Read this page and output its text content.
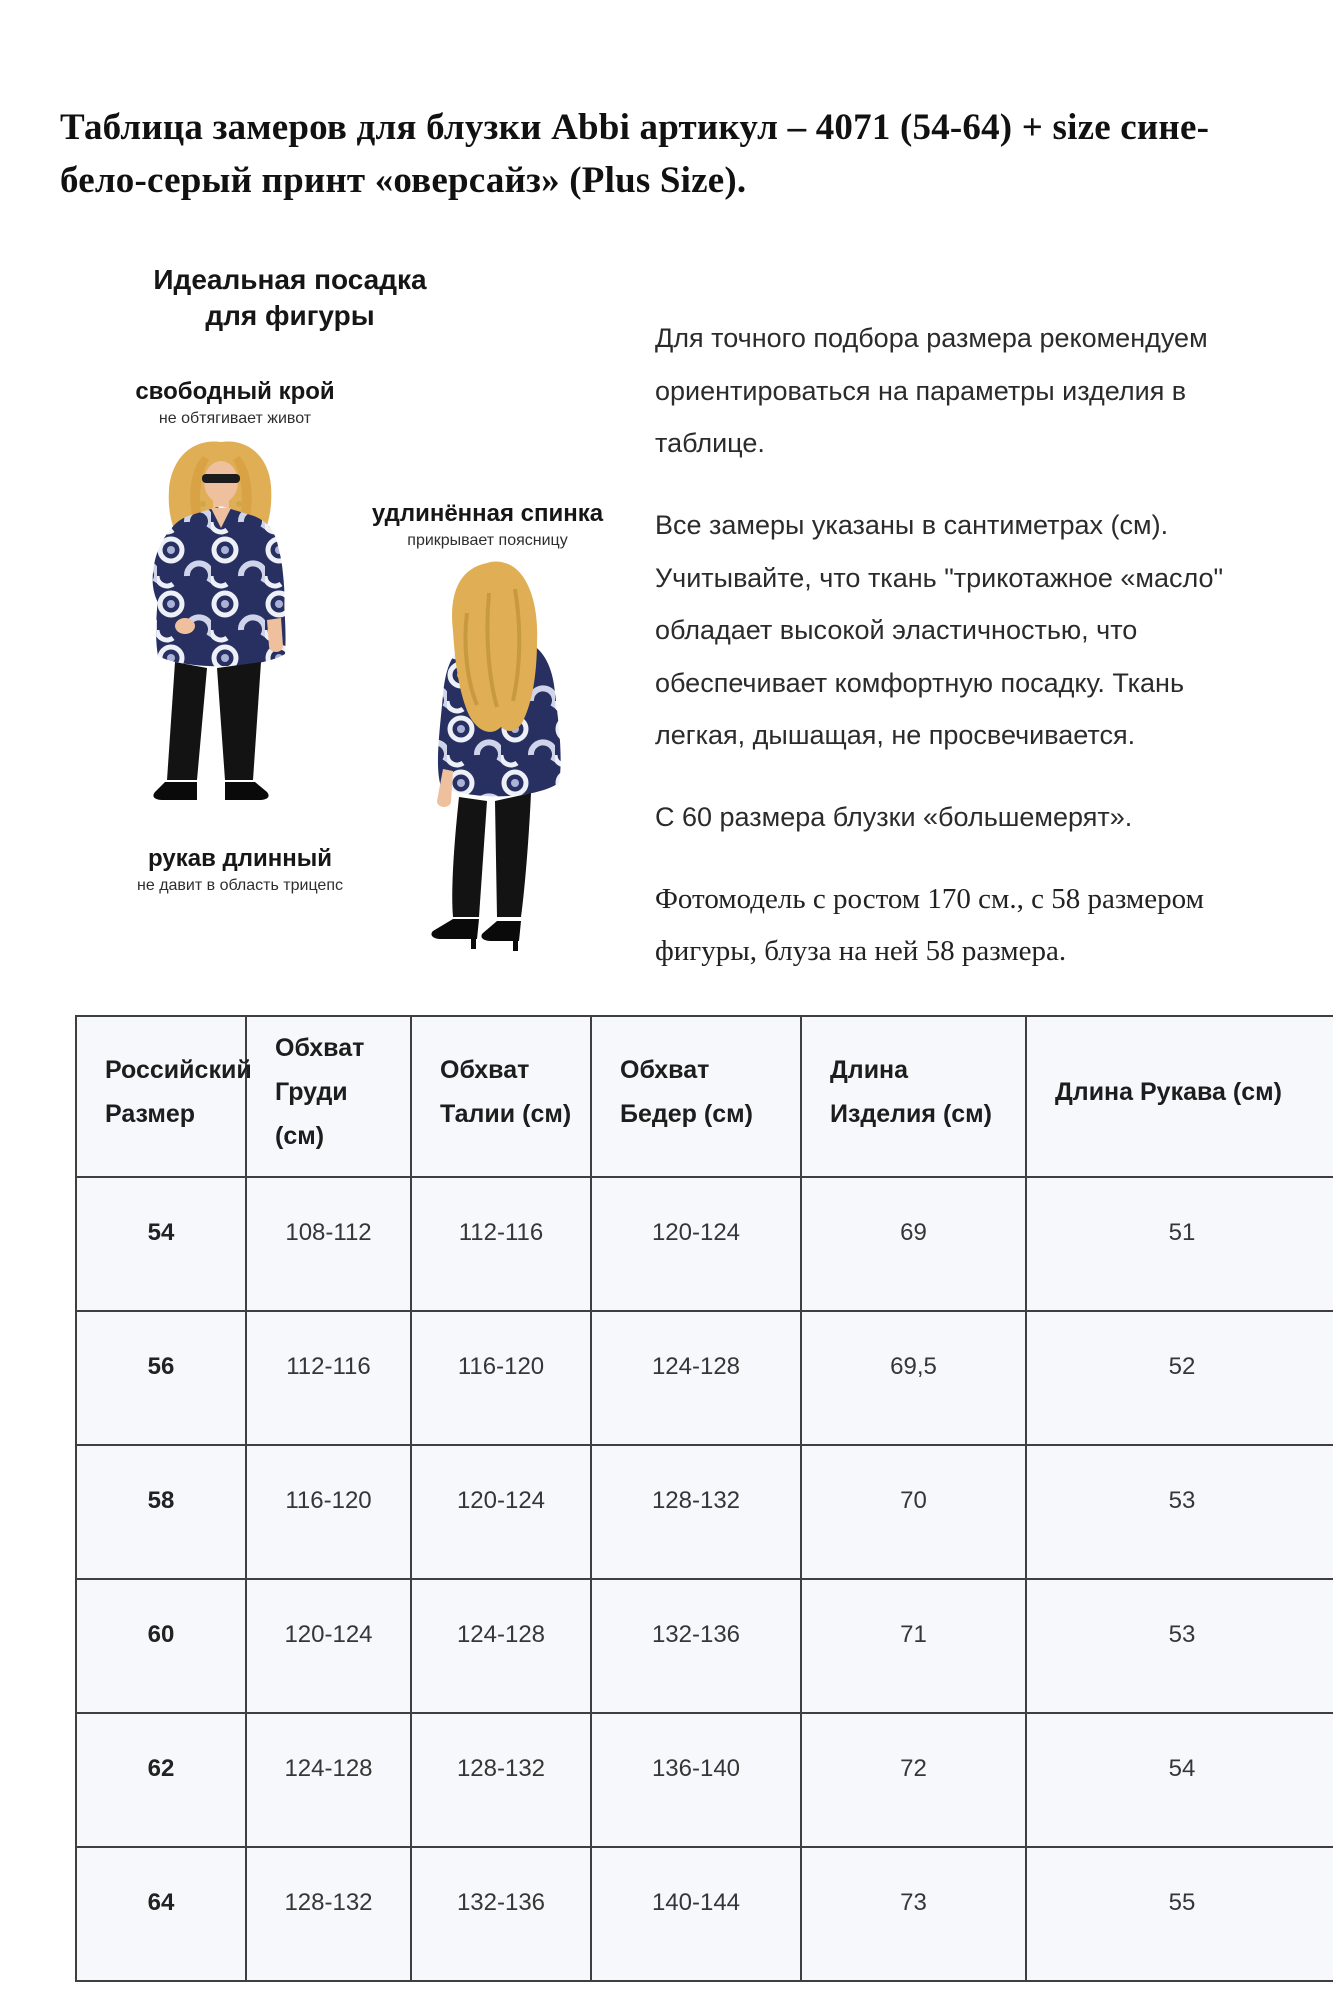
Таблица замеров для блузки Abbi артикул – 4071 (54-64) + size сине-бело-серый принт «оверсайз» (Plus Size).
Идеальная посадка для фигуры
свободный крой
не обтягивает живот
удлинённая спинка
прикрывает поясницу
рукав длинный
не давит в область трицепс

Для точного подбора размера рекомендуем ориентироваться на параметры изделия в таблице.

Все замеры указаны в сантиметрах (см). Учитывайте, что ткань "трикотажное «масло" обладает высокой эластичностью, что обеспечивает комфортную посадку. Ткань легкая, дышащая, не просвечивается.

С 60 размера блузки «большемерят».

Фотомодель с ростом 170 см., с 58 размером фигуры, блуза на ней 58 размера.

Российский Размер	Обхват Груди (см)	Обхват Талии (см)	Обхват Бедер (см)	Длина Изделия (см)	Длина Рукава (см)
54	108-112	112-116	120-124	69	51
56	112-116	116-120	124-128	69,5	52
58	116-120	120-124	128-132	70	53
60	120-124	124-128	132-136	71	53
62	124-128	128-132	136-140	72	54
64	128-132	132-136	140-144	73	55
